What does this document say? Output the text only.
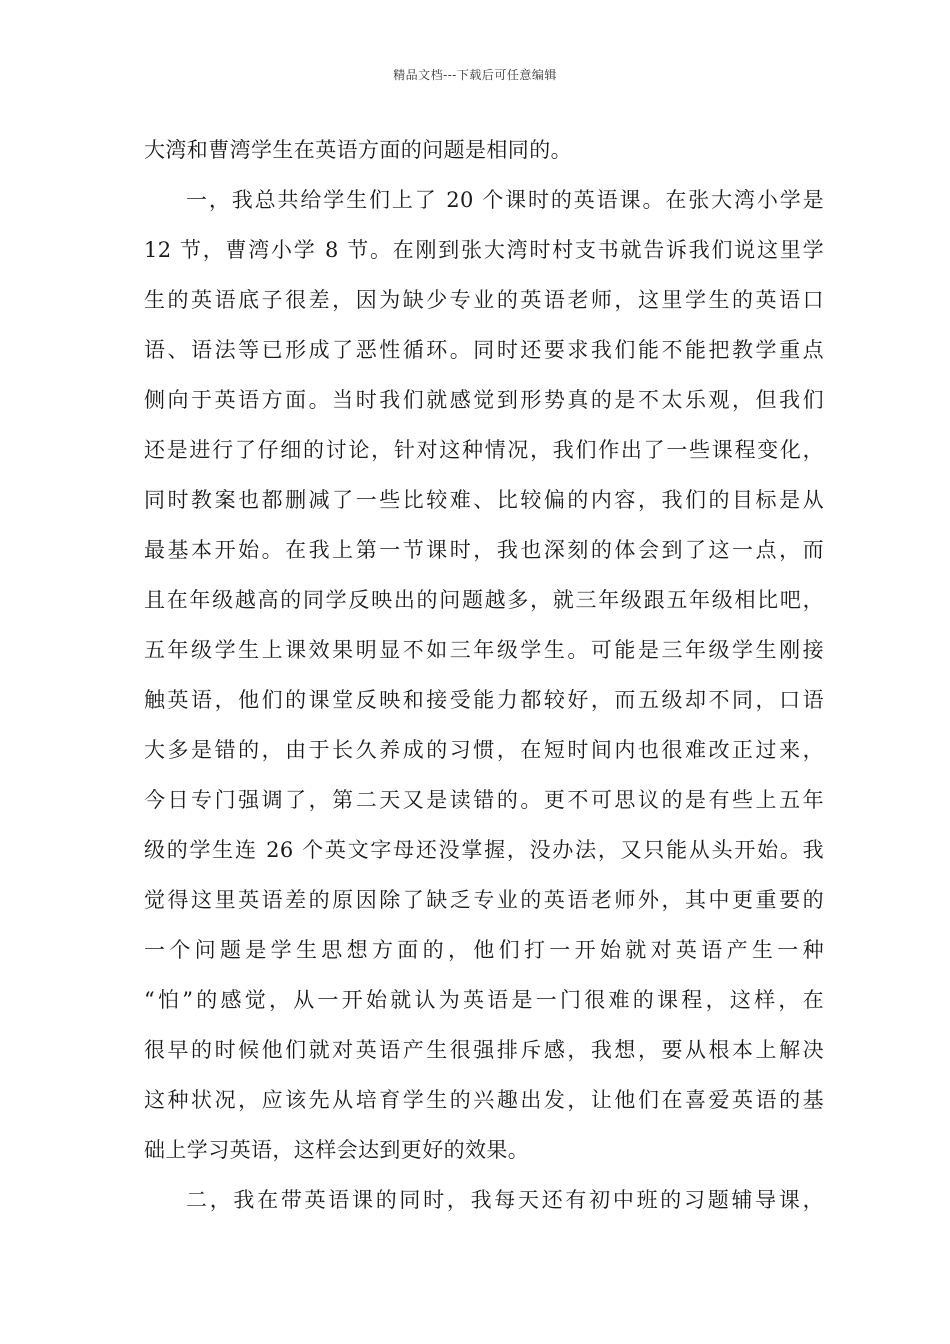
精品文档---下载后可任意编辑
大湾和曹湾学生在英语方面的问题是相同的。
一，我总共给学生们上了 20 个课时的英语课。在张大湾小学是
12 节，曹湾小学 8 节。在刚到张大湾时村支书就告诉我们说这里学
生的英语底子很差，因为缺少专业的英语老师，这里学生的英语口
语、语法等已形成了恶性循环。同时还要求我们能不能把教学重点
侧向于英语方面。当时我们就感觉到形势真的是不太乐观，但我们
还是进行了仔细的讨论，针对这种情况，我们作出了一些课程变化，
同时教案也都删减了一些比较难、比较偏的内容，我们的目标是从
最基本开始。在我上第一节课时，我也深刻的体会到了这一点，而
且在年级越高的同学反映出的问题越多，就三年级跟五年级相比吧，
五年级学生上课效果明显不如三年级学生。可能是三年级学生刚接
触英语，他们的课堂反映和接受能力都较好，而五级却不同，口语
大多是错的，由于长久养成的习惯，在短时间内也很难改正过来，
今日专门强调了，第二天又是读错的。更不可思议的是有些上五年
级的学生连 26 个英文字母还没掌握，没办法，又只能从头开始。我
觉得这里英语差的原因除了缺乏专业的英语老师外，其中更重要的
一个问题是学生思想方面的，他们打一开始就对英语产生一种
“怕”的感觉，从一开始就认为英语是一门很难的课程，这样，在
很早的时候他们就对英语产生很强排斥感，我想，要从根本上解决
这种状况，应该先从培育学生的兴趣出发，让他们在喜爱英语的基
础上学习英语，这样会达到更好的效果。
二，我在带英语课的同时，我每天还有初中班的习题辅导课，
